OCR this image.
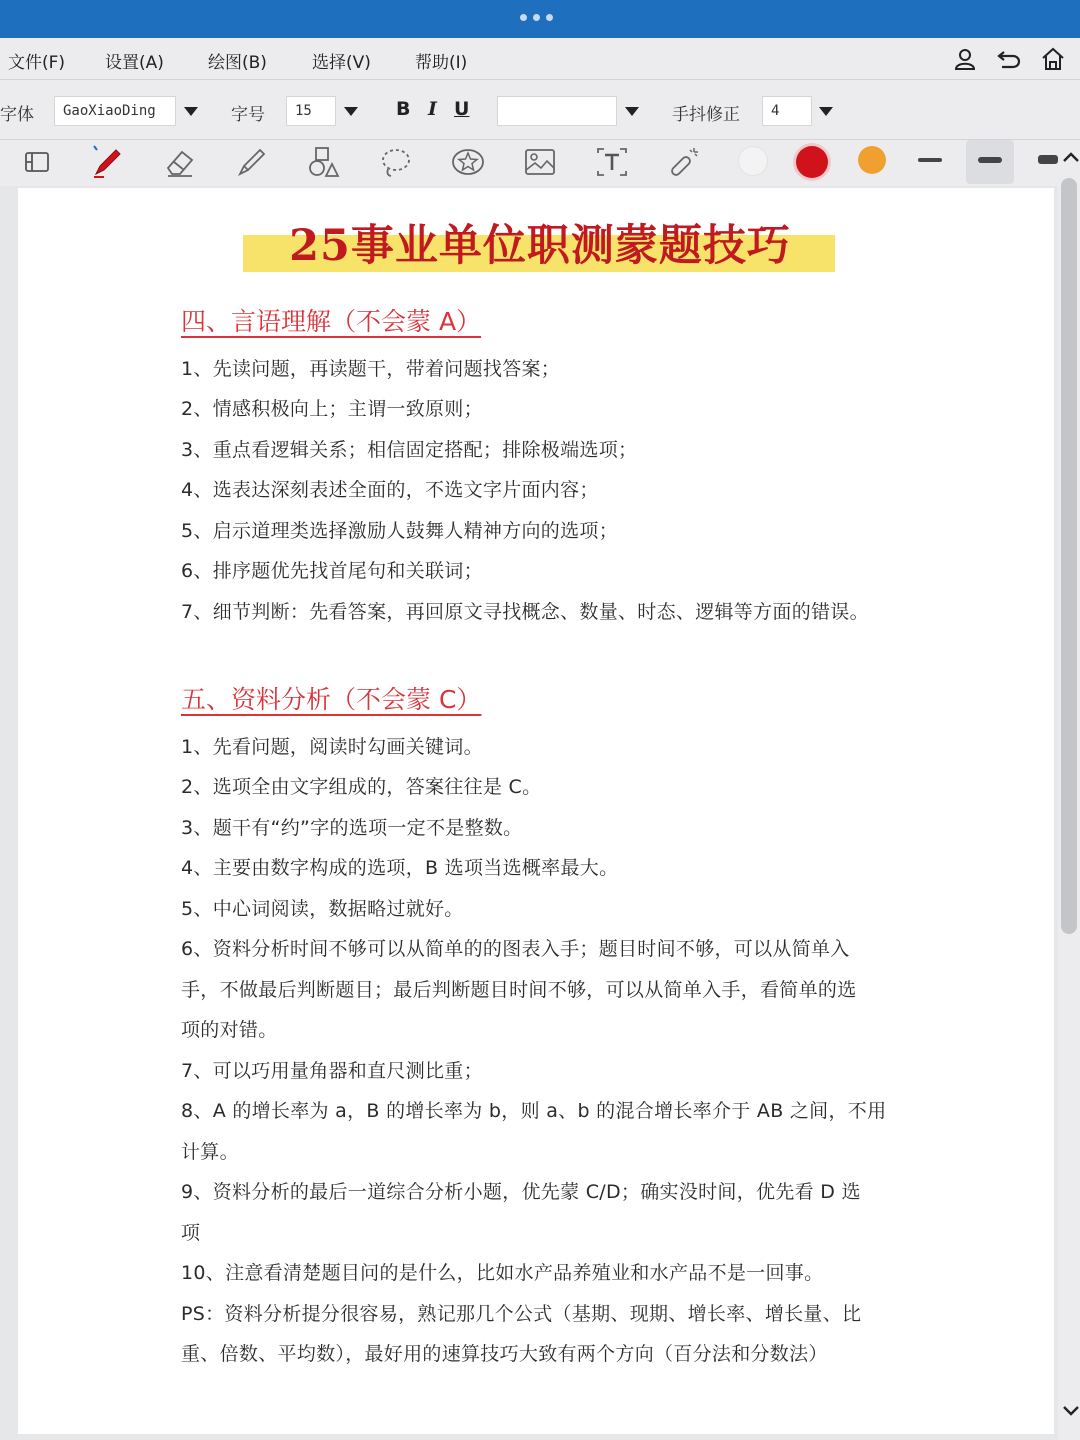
文件(F) 设置(A)	绘图(B)	选择(V)	帮助(I)
字体	GaoXiaoDing	字号	15	B I U	手抖修正	4
25事业单位职测蒙题技巧
四、言语理解（不会蒙 A）
1、先读问题，再读题干，带着问题找答案；
2、情感积极向上；主谓一致原则；
3、重点看逻辑关系；相信固定搭配；排除极端选项；
4、选表达深刻表述全面的，不选文字片面内容；
5、启示道理类选择激励人鼓舞人精神方向的选项；
6、排序题优先找首尾句和关联词；
7、细节判断：先看答案，再回原文寻找概念、数量、时态、逻辑等方面的错误。
五、资料分析（不会蒙 C）
1、先看问题，阅读时勾画关键词。
2、选项全由文字组成的，答案往往是 C。
3、题干有“约”字的选项一定不是整数。
4、主要由数字构成的选项，B 选项当选概率最大。
5、中心词阅读，数据略过就好。
6、资料分析时间不够可以从简单的的图表入手；题目时间不够，可以从简单入
手，不做最后判断题目；最后判断题目时间不够，可以从简单入手，看简单的选
项的对错。
7、可以巧用量角器和直尺测比重；
8、A 的增长率为 a，B 的增长率为 b，则 a、b 的混合增长率介于 AB 之间，不用
计算。
9、资料分析的最后一道综合分析小题，优先蒙 C/D；确实没时间，优先看 D 选
项
10、注意看清楚题目问的是什么，比如水产品养殖业和水产品不是一回事。
PS：资料分析提分很容易，熟记那几个公式（基期、现期、增长率、增长量、比
重、倍数、平均数），最好用的速算技巧大致有两个方向（百分法和分数法）
